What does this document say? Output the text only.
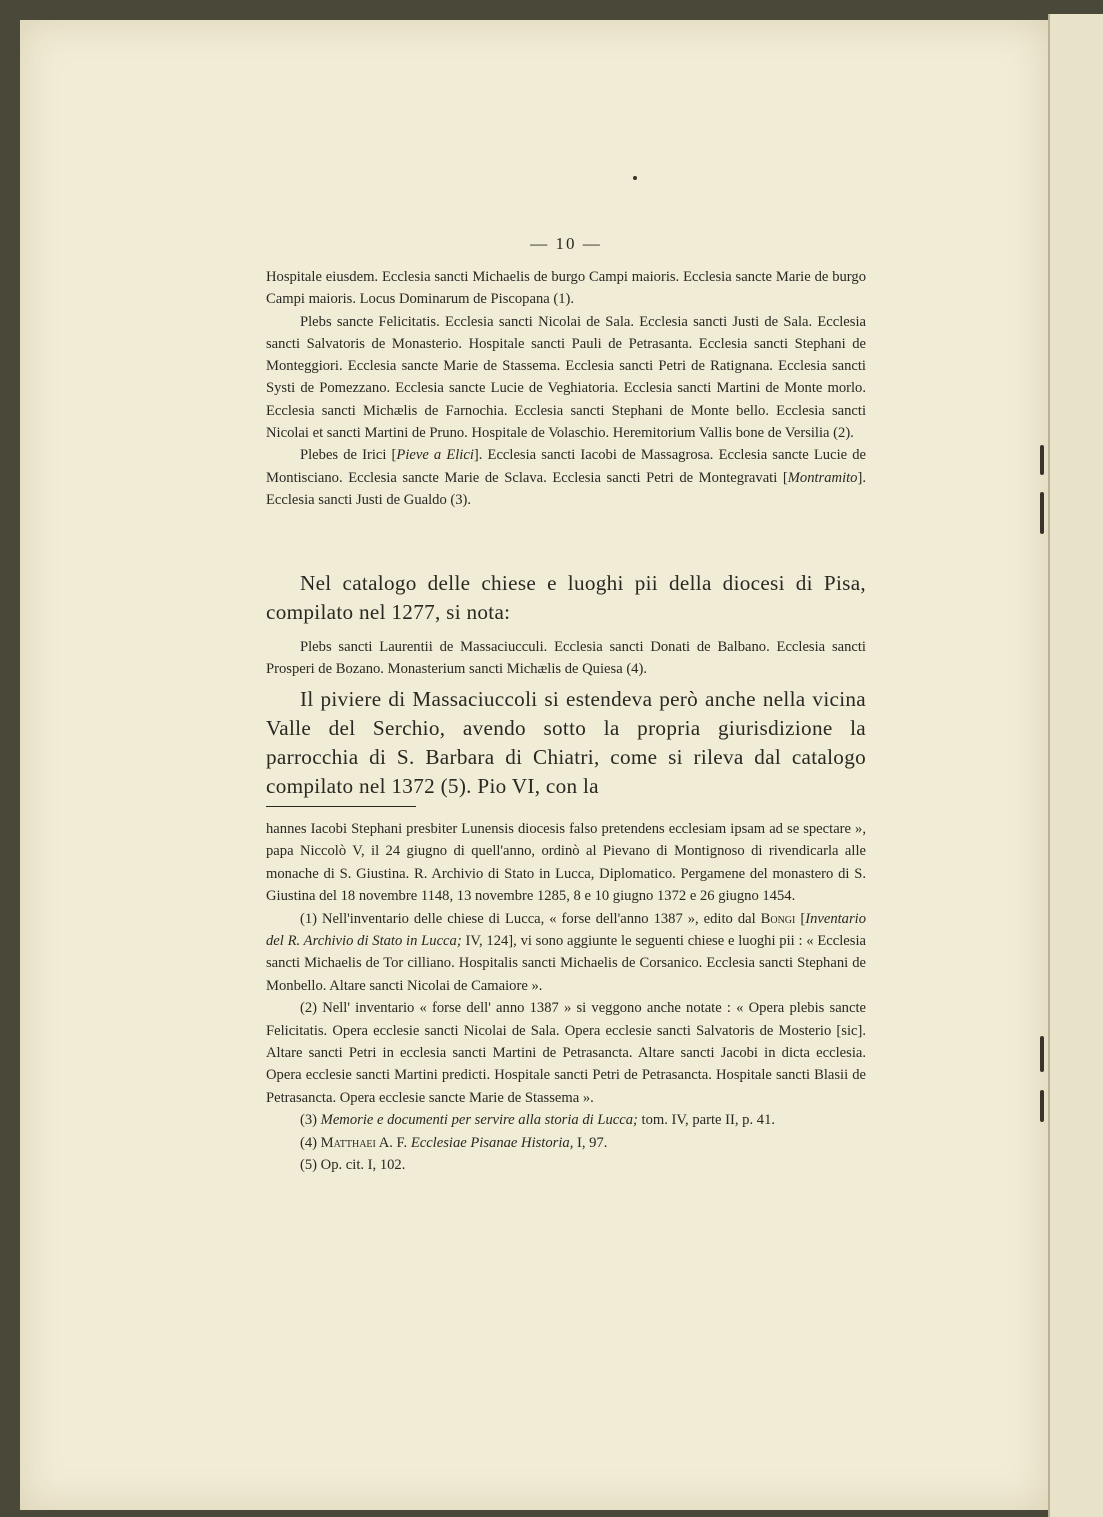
— 10 —

Hospitale eiusdem. Ecclesia sancti Michaelis de burgo Campi maioris. Ecclesia sancte Marie de burgo Campi maioris. Locus Dominarum de Piscopana (1).

Plebs sancte Felicitatis. Ecclesia sancti Nicolai de Sala. Ecclesia sancti Justi de Sala. Ecclesia sancti Salvatoris de Monasterio. Hospitale sancti Pauli de Petrasanta. Ecclesia sancti Stephani de Monteggiori. Ecclesia sancte Marie de Stassema. Ecclesia sancti Petri de Ratignana. Ecclesia sancti Systi de Pomezzano. Ecclesia sancte Lucie de Veghiatoria. Ecclesia sancti Martini de Monte morlo. Ecclesia sancti Michælis de Farnochia. Ecclesia sancti Stephani de Monte bello. Ecclesia sancti Nicolai et sancti Martini de Pruno. Hospitale de Volaschio. Heremitorium Vallis bone de Versilia (2).

Plebes de Irici [Pieve a Elici]. Ecclesia sancti Iacobi de Massagrosa. Ecclesia sancte Lucie de Montisciano. Ecclesia sancte Marie de Sclava. Ecclesia sancti Petri de Montegravati [Montramito]. Ecclesia sancti Justi de Gualdo (3).

Nel catalogo delle chiese e luoghi pii della diocesi di Pisa, compilato nel 1277, si nota:

Plebs sancti Laurentii de Massaciucculi. Ecclesia sancti Donati de Balbano. Ecclesia sancti Prosperi de Bozano. Monasterium sancti Michælis de Quiesa (4).

Il piviere di Massaciuccoli si estendeva però anche nella vicina Valle del Serchio, avendo sotto la propria giurisdizione la parrocchia di S. Barbara di Chiatri, come si rileva dal catalogo compilato nel 1372 (5). Pio VI, con la

hannes Iacobi Stephani presbiter Lunensis diocesis falso pretendens ecclesiam ipsam ad se spectare », papa Niccolò V, il 24 giugno di quell'anno, ordinò al Pievano di Montignoso di rivendicarla alle monache di S. Giustina. R. Archivio di Stato in Lucca, Diplomatico. Pergamene del monastero di S. Giustina del 18 novembre 1148, 13 novembre 1285, 8 e 10 giugno 1372 e 26 giugno 1454.

(1) Nell'inventario delle chiese di Lucca, « forse dell'anno 1387 », edito dal Bongi [Inventario del R. Archivio di Stato in Lucca; IV, 124], vi sono aggiunte le seguenti chiese e luoghi pii : « Ecclesia sancti Michaelis de Tor cilliano. Hospitalis sancti Michaelis de Corsanico. Ecclesia sancti Stephani de Monbello. Altare sancti Nicolai de Camaiore ».

(2) Nell' inventario « forse dell' anno 1387 » si veggono anche notate : « Opera plebis sancte Felicitatis. Opera ecclesie sancti Nicolai de Sala. Opera ecclesie sancti Salvatoris de Mosterio [sic]. Altare sancti Petri in ecclesia sancti Martini de Petrasancta. Altare sancti Jacobi in dicta ecclesia. Opera ecclesie sancti Martini predicti. Hospitale sancti Petri de Petrasancta. Hospitale sancti Blasii de Petrasancta. Opera ecclesie sancte Marie de Stassema ».

(3) Memorie e documenti per servire alla storia di Lucca; tom. IV, parte II, p. 41.

(4) Matthaei A. F. Ecclesiae Pisanae Historia, I, 97.

(5) Op. cit. I, 102.
